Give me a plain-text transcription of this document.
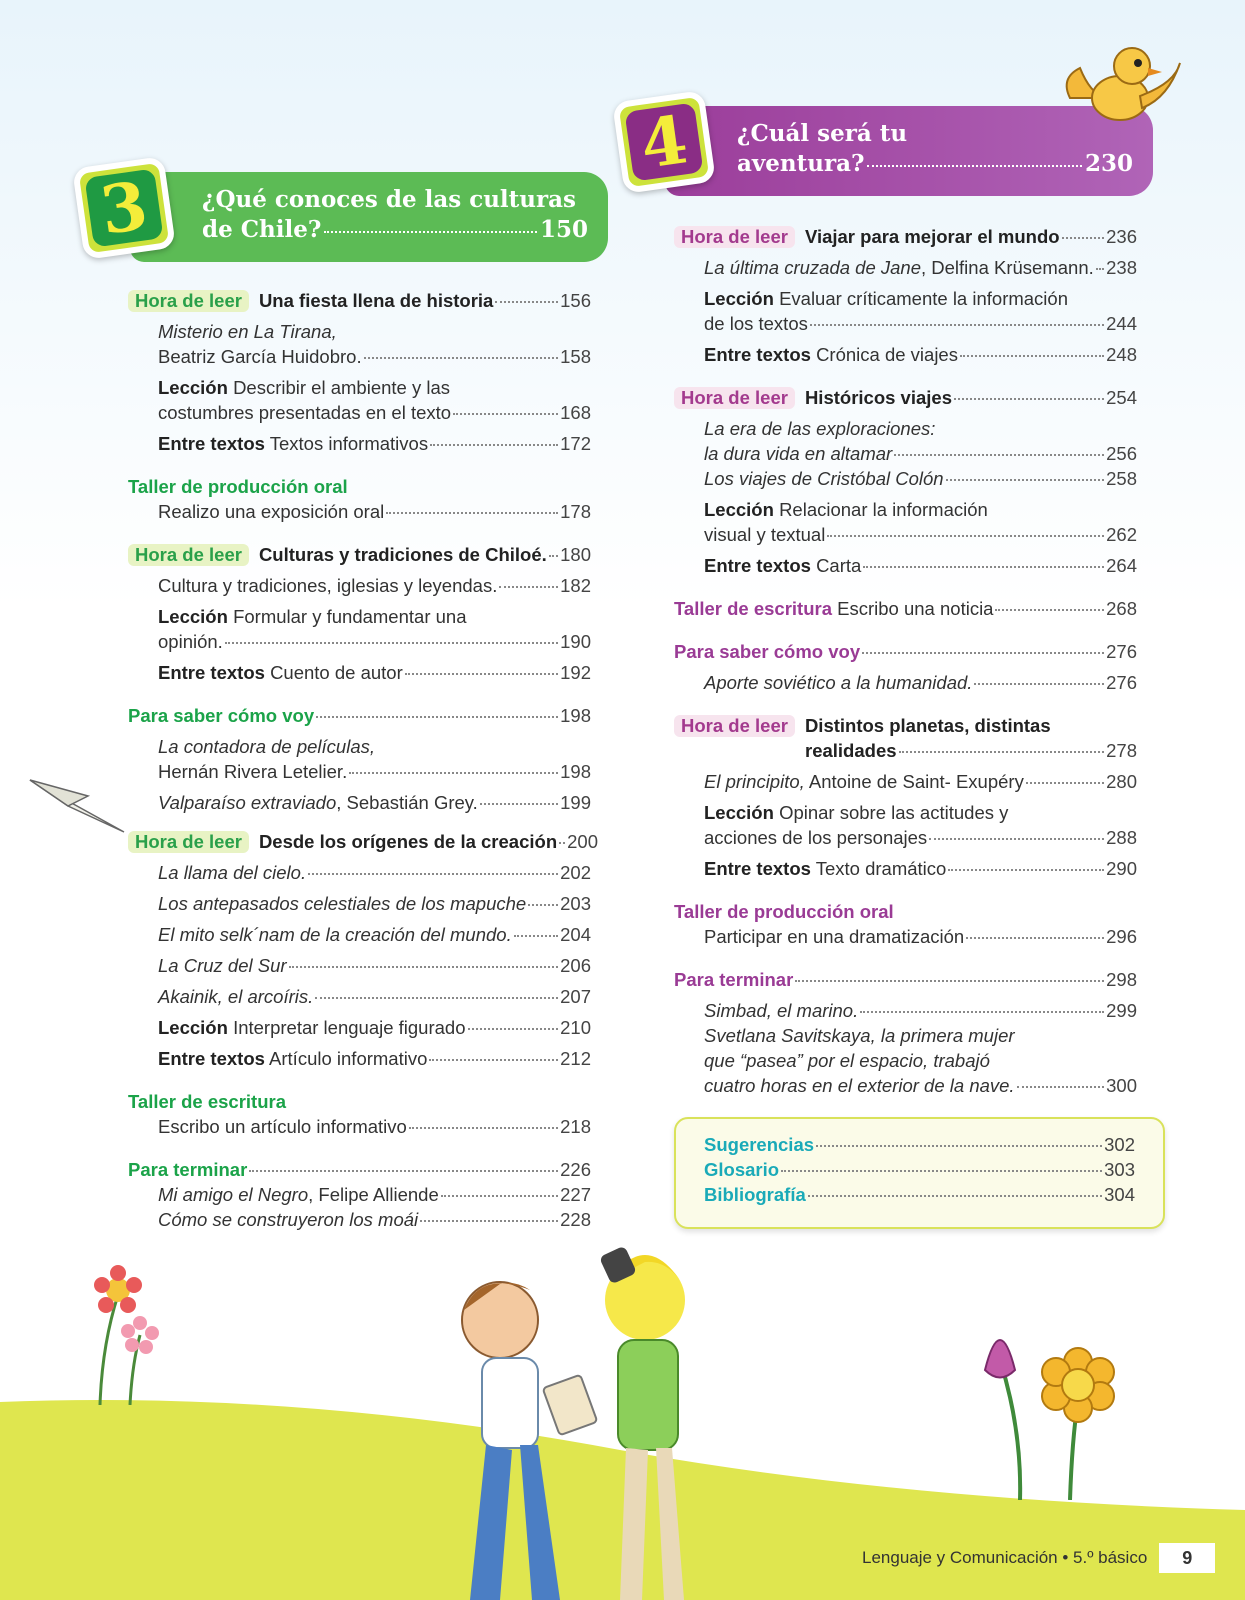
¿Qué conoces de las culturas
de Chile?	150
3
¿Cuál será tu
aventura?	230
4
Hora de leer Una fiesta llena de historia	156
Misterio en La Tirana,
Beatriz García Huidobro.	158
Lección Describir el ambiente y las
costumbres presentadas en el texto	168
Entre textos Textos informativos	172
Taller de producción oral
Realizo una exposición oral	178
Hora de leer Culturas y tradiciones de Chiloé. 180
Cultura y tradiciones, iglesias y leyendas.	182
Lección Formular y fundamentar una
opinión.	190
Entre textos Cuento de autor	192
Para saber cómo voy	198
La contadora de películas,
Hernán Rivera Letelier.	198
Valparaíso extraviado, Sebastián Grey.	199
Hora de leer Desde los orígenes de la creación 200
La llama del cielo.	202
Los antepasados celestiales de los mapuche 203
El mito selk´nam de la creación del mundo.	204
La Cruz del Sur	206
Akainik, el arcoíris.	207
Lección Interpretar lenguaje figurado	210
Entre textos Artículo informativo	212
Taller de escritura
Escribo un artículo informativo	218
Para terminar	226
Mi amigo el Negro, Felipe Alliende	227
Cómo se construyeron los moái	228
Hora de leer Viajar para mejorar el mundo	236
La última cruzada de Jane, Delfina Krüsemann. 238
Lección Evaluar críticamente la información
de los textos	244
Entre textos Crónica de viajes	248
Hora de leer Históricos viajes	254
La era de las exploraciones:
la dura vida en altamar	256
Los viajes de Cristóbal Colón	258
Lección Relacionar la información
visual y textual	262
Entre textos Carta	264
Taller de escritura Escribo una noticia	268
Para saber cómo voy	276
Aporte soviético a la humanidad.	276
Hora de leer Distintos planetas, distintas
realidades	278
El principito, Antoine de Saint- Exupéry	280
Lección Opinar sobre las actitudes y
acciones de los personajes	288
Entre textos Texto dramático	290
Taller de producción oral
Participar en una dramatización	296
Para terminar	298
Simbad, el marino.	299
Svetlana Savitskaya, la primera mujer
que “pasea” por el espacio, trabajó
cuatro horas en el exterior de la nave.	300
Sugerencias	302
Glosario	303
Bibliografía	304
Lenguaje y Comunicación • 5.º básico	9
